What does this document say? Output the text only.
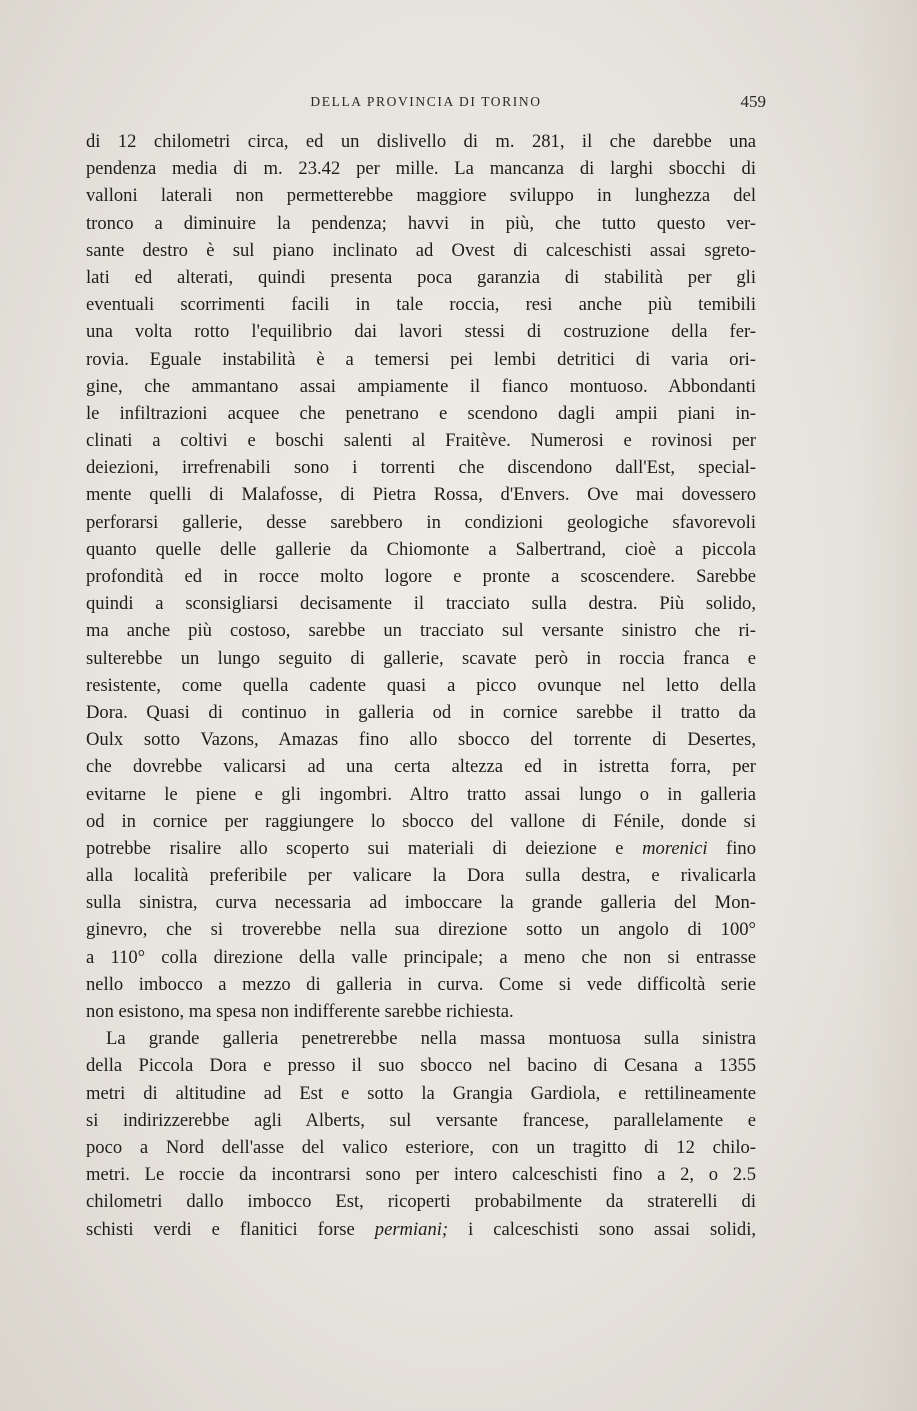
DELLA PROVINCIA DI TORINO	459
di 12 chilometri circa, ed un dislivello di m. 281, il che darebbe una
pendenza media di m. 23.42 per mille. La mancanza di larghi sbocchi di
valloni laterali non permetterebbe maggiore sviluppo in lunghezza del
tronco a diminuire la pendenza; havvi in più, che tutto questo ver-
sante destro è sul piano inclinato ad Ovest di calceschisti assai sgreto-
lati ed alterati, quindi presenta poca garanzia di stabilità per gli
eventuali scorrimenti facili in tale roccia, resi anche più temibili
una volta rotto l'equilibrio dai lavori stessi di costruzione della fer-
rovia. Eguale instabilità è a temersi pei lembi detritici di varia ori-
gine, che ammantano assai ampiamente il fianco montuoso. Abbondanti
le infiltrazioni acquee che penetrano e scendono dagli ampii piani in-
clinati a coltivi e boschi salenti al Fraitève. Numerosi e rovinosi per
deiezioni, irrefrenabili sono i torrenti che discendono dall'Est, special-
mente quelli di Malafosse, di Pietra Rossa, d'Envers. Ove mai dovessero
perforarsi gallerie, desse sarebbero in condizioni geologiche sfavorevoli
quanto quelle delle gallerie da Chiomonte a Salbertrand, cioè a piccola
profondità ed in rocce molto logore e pronte a scoscendere. Sarebbe
quindi a sconsigliarsi decisamente il tracciato sulla destra. Più solido,
ma anche più costoso, sarebbe un tracciato sul versante sinistro che ri-
sulterebbe un lungo seguito di gallerie, scavate però in roccia franca e
resistente, come quella cadente quasi a picco ovunque nel letto della
Dora. Quasi di continuo in galleria od in cornice sarebbe il tratto da
Oulx sotto Vazons, Amazas fino allo sbocco del torrente di Desertes,
che dovrebbe valicarsi ad una certa altezza ed in istretta forra, per
evitarne le piene e gli ingombri. Altro tratto assai lungo o in galleria
od in cornice per raggiungere lo sbocco del vallone di Fénile, donde si
potrebbe risalire allo scoperto sui materiali di deiezione e morenici fino
alla località preferibile per valicare la Dora sulla destra, e rivalicarla
sulla sinistra, curva necessaria ad imboccare la grande galleria del Mon-
ginevro, che si troverebbe nella sua direzione sotto un angolo di 100°
a 110° colla direzione della valle principale; a meno che non si entrasse
nello imbocco a mezzo di galleria in curva. Come si vede difficoltà serie
non esistono, ma spesa non indifferente sarebbe richiesta.
La grande galleria penetrerebbe nella massa montuosa sulla sinistra
della Piccola Dora e presso il suo sbocco nel bacino di Cesana a 1355
metri di altitudine ad Est e sotto la Grangia Gardiola, e rettilineamente
si indirizzerebbe agli Alberts, sul versante francese, parallelamente e
poco a Nord dell'asse del valico esteriore, con un tragitto di 12 chilo-
metri. Le roccie da incontrarsi sono per intero calceschisti fino a 2, o 2.5
chilometri dallo imbocco Est, ricoperti probabilmente da straterelli di
schisti verdi e flanitici forse permiani; i calceschisti sono assai solidi,
